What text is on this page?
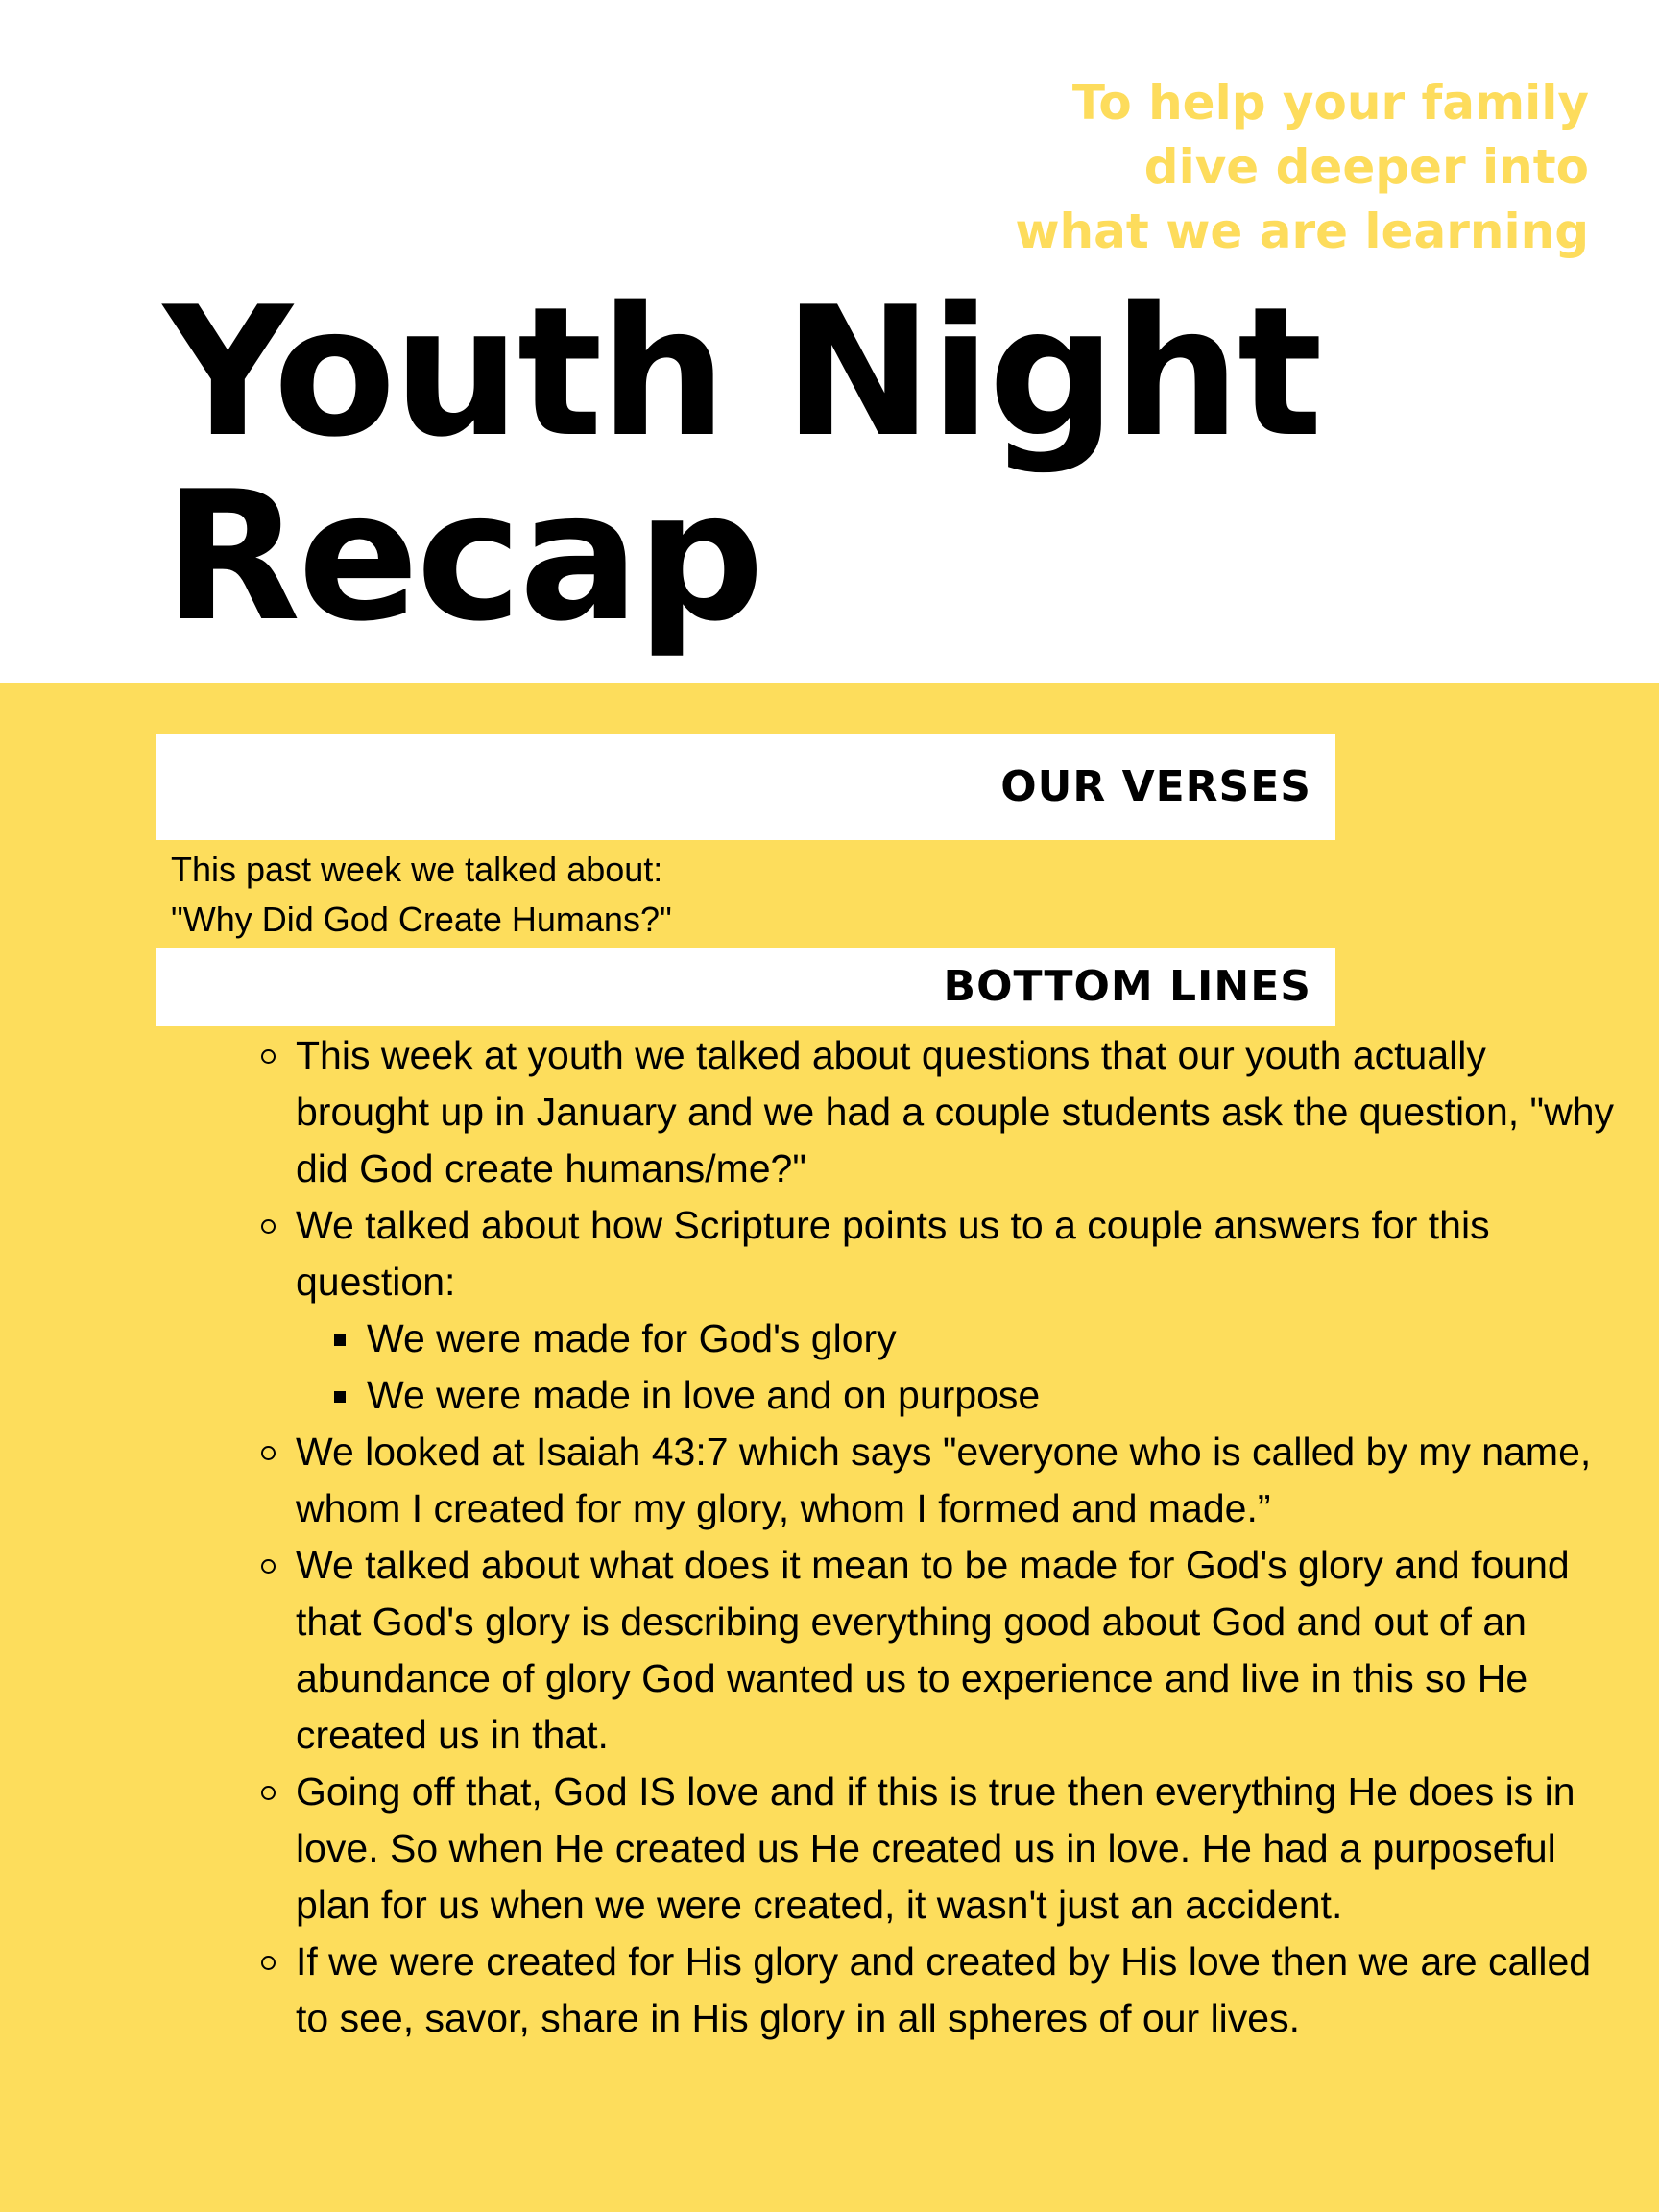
To help your family
dive deeper into
what we are learning

Youth Night
Recap
OUR VERSES
This past week we talked about:
"Why Did God Create Humans?"
BOTTOM LINES
This week at youth we talked about questions that our youth actually brought up in January and we had a couple students ask the question, "why did God create humans/me?"
We talked about how Scripture points us to a couple answers for this question:
We were made for God's glory
We were made in love and on purpose
We looked at Isaiah 43:7 which says "everyone who is called by my name, whom I created for my glory, whom I formed and made.”
We talked about what does it mean to be made for God's glory and found that God's glory is describing everything good about God and out of an abundance of glory God wanted us to experience and live in this so He created us in that.
Going off that, God IS love and if this is true then everything He does is in love. So when He created us He created us in love. He had a purposeful plan for us when we were created, it wasn't just an accident.
If we were created for His glory and created by His love then we are called to see, savor, share in His glory in all spheres of our lives.
